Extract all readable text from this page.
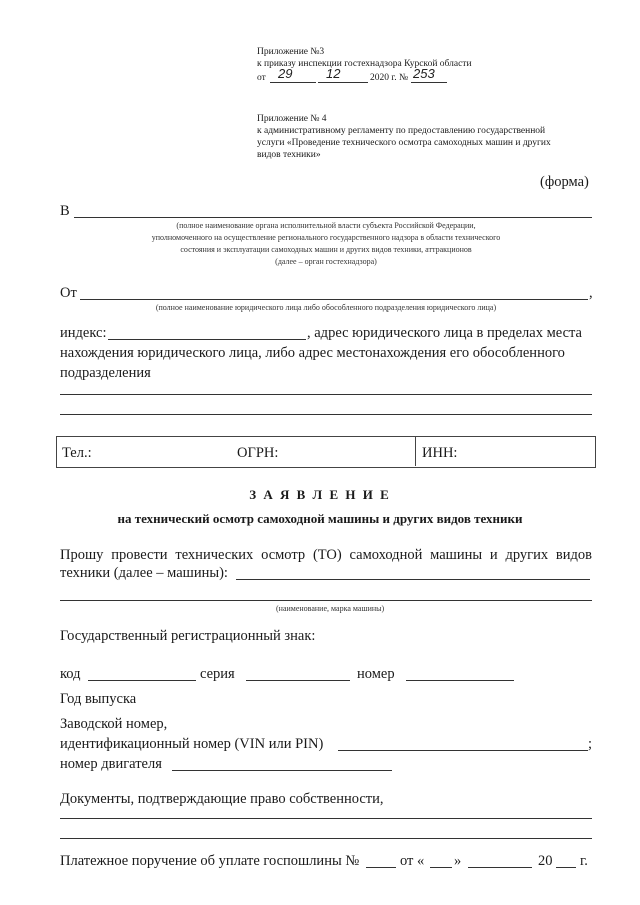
Приложение №3
к приказу инспекции гостехнадзора Курской области
от 29	12	2020 г. № 253
Приложение № 4
к административному регламенту по предоставлению государственной
услуги «Проведение технического осмотра самоходных машин и других
видов техники»
(форма)
В
(полное наименование органа исполнительной власти субъекта Российской Федерации,
уполномоченного на осуществление регионального государственного надзора в области технического
состояния и эксплуатации самоходных машин и других видов техники, аттракционов
(далее – орган гостехнадзора)
От	,
(полное наименование юридического лица либо обособленного подразделения юридического лица)
индекс:	, адрес юридического лица в пределах места
нахождения юридического лица, либо адрес местонахождения его обособленного
подразделения
Тел.:	ОГРН:	ИНН:
З А Я В Л Е Н И Е
на технический осмотр самоходной машины и других видов техники
Прошу провести технических осмотр (ТО) самоходной машины и других видов
техники (далее – машины):
(наименование, марка машины)
Государственный регистрационный знак:
код	серия	номер
Год выпуска
Заводской номер,
идентификационный номер (VIN или PIN)	;
номер двигателя
Документы, подтверждающие право собственности,
Платежное поручение об уплате госпошлины №	от « »	20 г.
